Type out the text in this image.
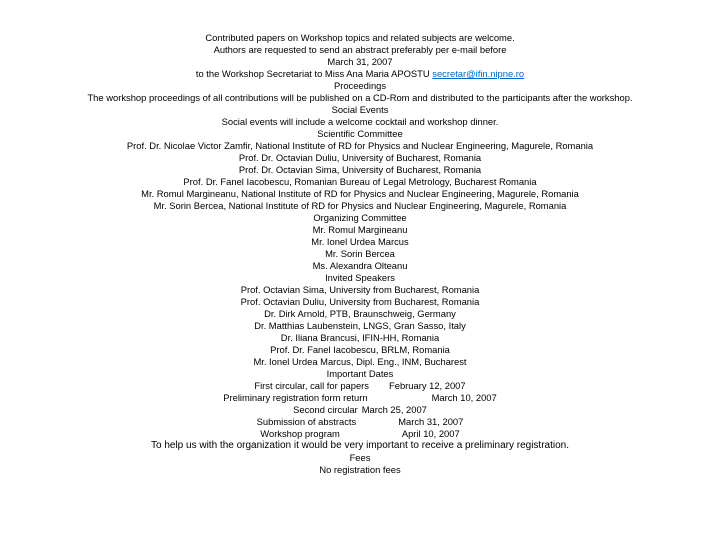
Contributed papers on Workshop topics and related subjects are welcome.
Authors are requested to send an abstract preferably per e-mail before
March 31, 2007
to the Workshop Secretariat to Miss Ana Maria APOSTU secretar@ifin.nipne.ro
Proceedings
The workshop proceedings of all contributions will be published on a CD-Rom and distributed to the participants after the workshop.
Social Events
Social events will include a welcome cocktail and workshop dinner.
Scientific Committee
Prof. Dr. Nicolae Victor Zamfir, National Institute of RD for Physics and Nuclear Engineering, Magurele, Romania
Prof. Dr. Octavian Duliu, University of Bucharest, Romania
Prof. Dr. Octavian Sima, University of Bucharest, Romania
Prof. Dr. Fanel Iacobescu, Romanian Bureau of Legal Metrology, Bucharest Romania
Mr. Romul Margineanu, National Institute of RD for Physics and Nuclear Engineering, Magurele, Romania
Mr. Sorin Bercea, National Institute of RD for Physics and Nuclear Engineering, Magurele, Romania
Organizing Committee
Mr. Romul Margineanu
Mr. Ionel Urdea Marcus
Mr. Sorin Bercea
Ms. Alexandra Olteanu
Invited Speakers
Prof. Octavian Sima, University from Bucharest, Romania
Prof. Octavian Duliu, University from Bucharest, Romania
Dr. Dirk Arnold, PTB, Braunschweig, Germany
Dr. Matthias Laubenstein, LNGS, Gran Sasso, Italy
Dr. Iliana Brancusi, IFIN-HH, Romania
Prof. Dr. Fanel Iacobescu, BRLM, Romania
Mr. Ionel Urdea Marcus, Dipl. Eng., INM, Bucharest
Important Dates
First circular, call for papers February 12, 2007
Preliminary registration form return	March 10, 2007
Second circular March 25, 2007
Submission of abstracts	March 31, 2007
Workshop program	April 10, 2007
To help us with the organization it would be very important to receive a preliminary registration.
Fees
No registration fees
